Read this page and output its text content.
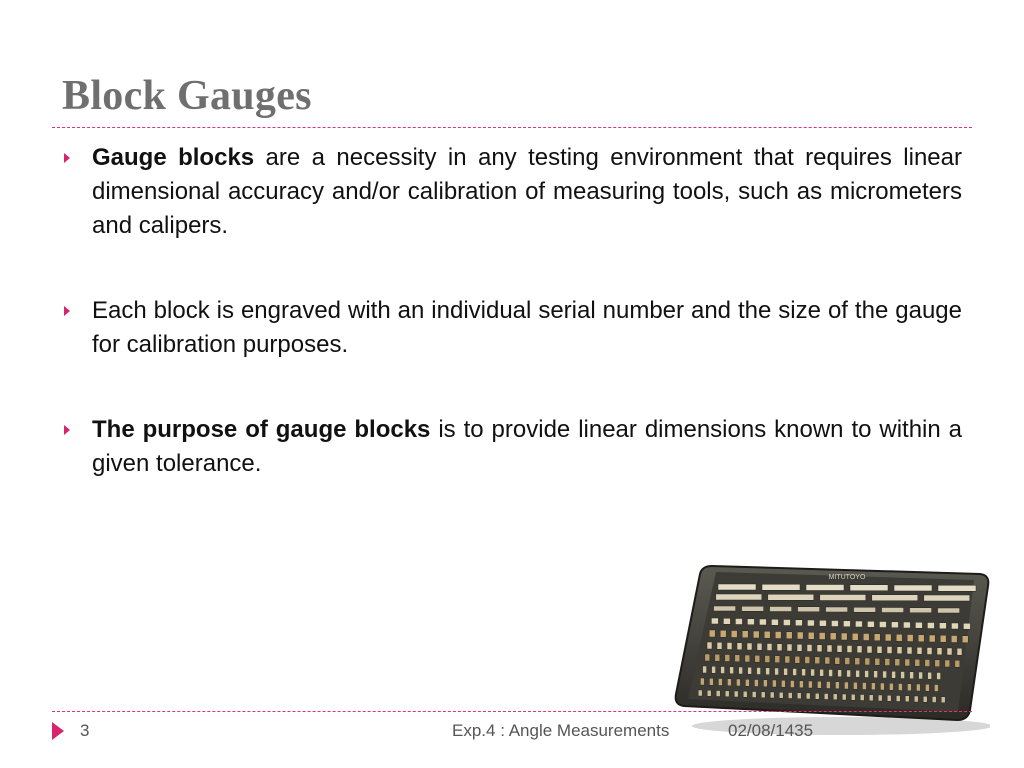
Block Gauges
Gauge blocks are a necessity in any testing environment that requires linear dimensional accuracy and/or calibration of measuring tools, such as micrometers and calipers.
Each block is engraved with an individual serial number and the size of the gauge for calibration purposes.
The purpose of gauge blocks is to provide linear dimensions known to within a given tolerance.
MITUTOYO
3	Exp.4 : Angle Measurements	02/08/1435
